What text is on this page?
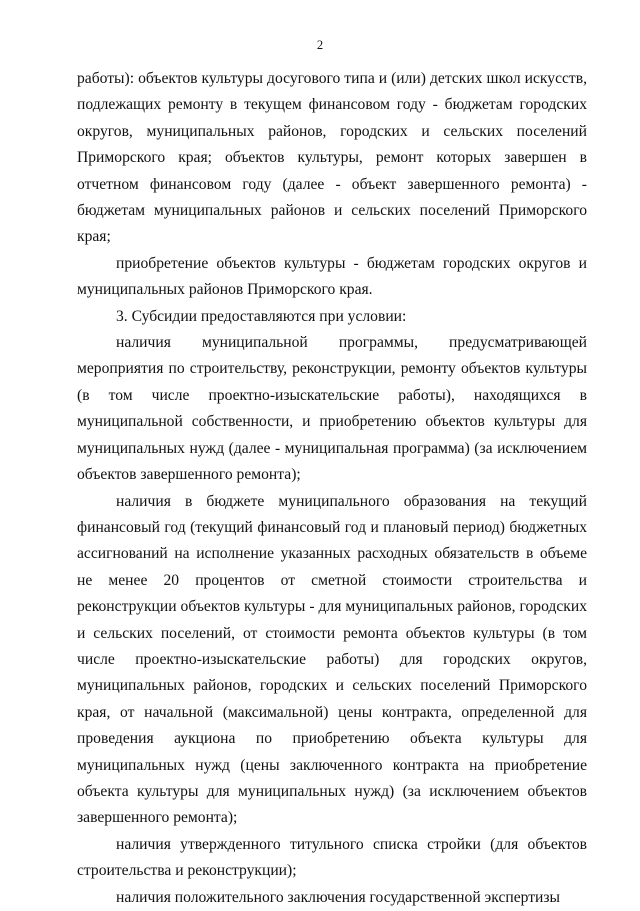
2

работы): объектов культуры досугового типа и (или) детских школ искусств, подлежащих ремонту в текущем финансовом году - бюджетам городских округов, муниципальных районов, городских и сельских поселений Приморского края; объектов культуры, ремонт которых завершен в отчетном финансовом году (далее - объект завершенного ремонта) - бюджетам муниципальных районов и сельских поселений Приморского края;

приобретение объектов культуры - бюджетам городских округов и муниципальных районов Приморского края.

3. Субсидии предоставляются при условии:

наличия муниципальной программы, предусматривающей мероприятия по строительству, реконструкции, ремонту объектов культуры (в том числе проектно-изыскательские работы), находящихся в муниципальной собственности, и приобретению объектов культуры для муниципальных нужд (далее - муниципальная программа) (за исключением объектов завершенного ремонта);

наличия в бюджете муниципального образования на текущий финансовый год (текущий финансовый год и плановый период) бюджетных ассигнований на исполнение указанных расходных обязательств в объеме не менее 20 процентов от сметной стоимости строительства и реконструкции объектов культуры - для муниципальных районов, городских и сельских поселений, от стоимости ремонта объектов культуры (в том числе проектно-изыскательские работы) для городских округов, муниципальных районов, городских и сельских поселений Приморского края, от начальной (максимальной) цены контракта, определенной для проведения аукциона по приобретению объекта культуры для муниципальных нужд (цены заключенного контракта на приобретение объекта культуры для муниципальных нужд) (за исключением объектов завершенного ремонта);

наличия утвержденного титульного списка стройки (для объектов строительства и реконструкции);

наличия положительного заключения государственной экспертизы
